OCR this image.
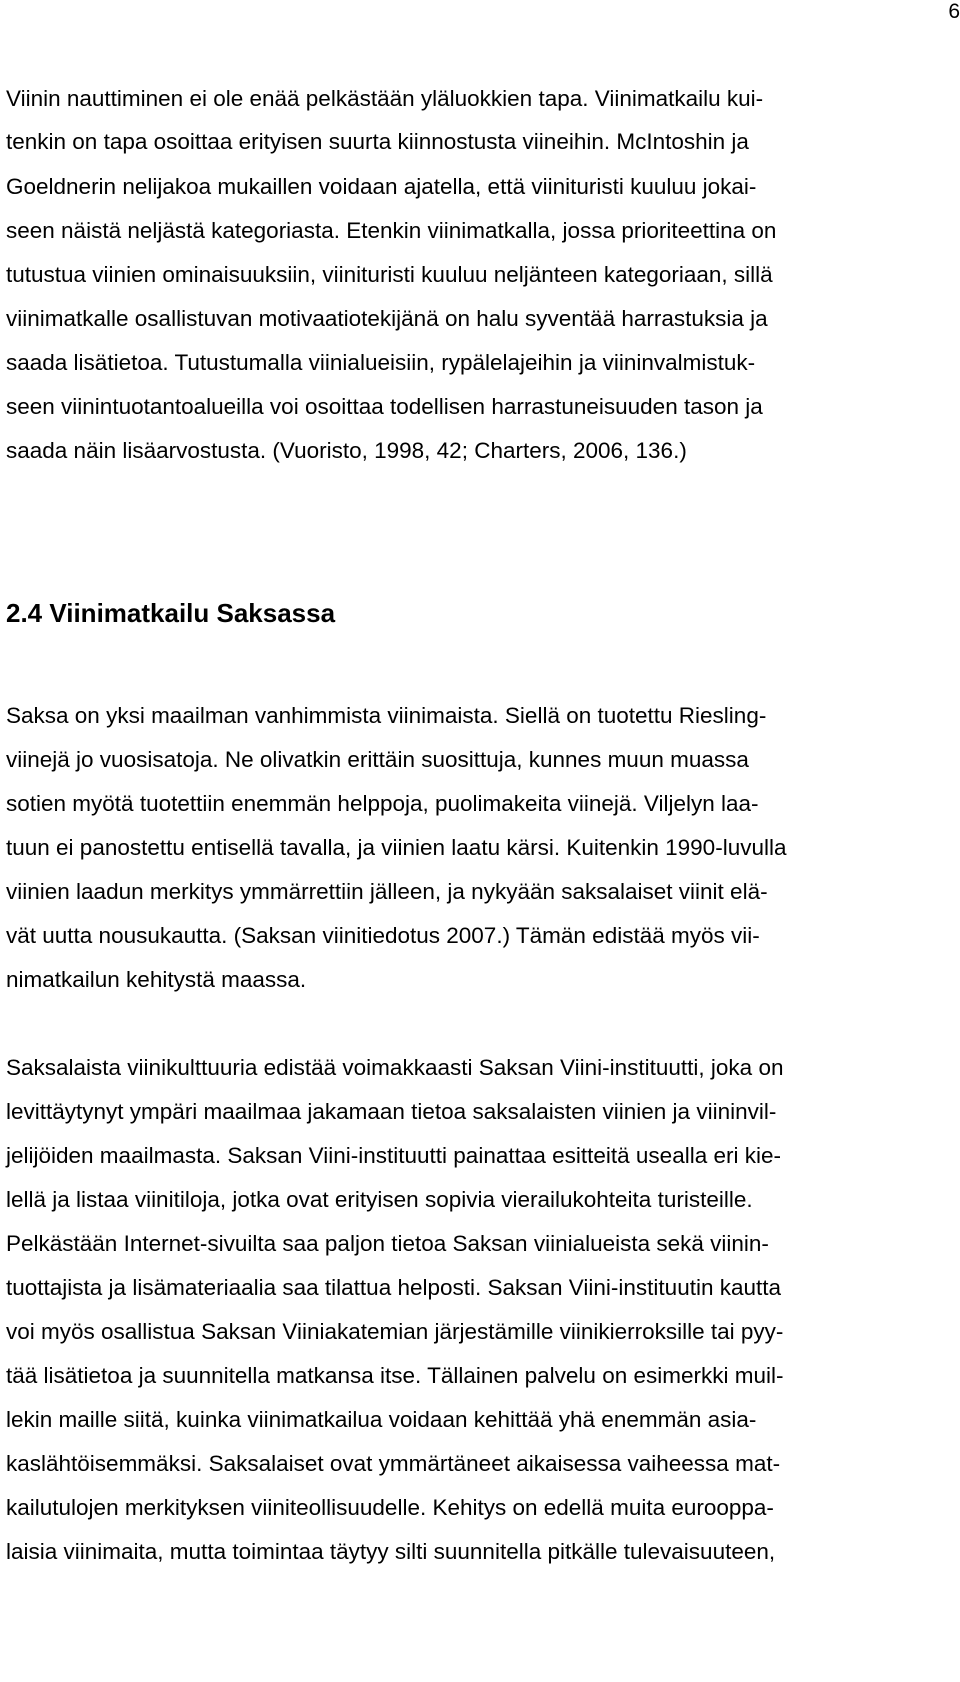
6
Viinin nauttiminen ei ole enää pelkästään yläluokkien tapa. Viinimatkailu kui-
tenkin on tapa osoittaa erityisen suurta kiinnostusta viineihin. McIntoshin ja
Goeldnerin nelijakoa mukaillen voidaan ajatella, että viinituristi kuuluu jokai-
seen näistä neljästä kategoriasta. Etenkin viinimatkalla, jossa prioriteettina on
tutustua viinien ominaisuuksiin, viinituristi kuuluu neljänteen kategoriaan, sillä
viinimatkalle osallistuvan motivaatiotekijänä on halu syventää harrastuksia ja
saada lisätietoa. Tutustumalla viinialueisiin, rypälelajeihin ja viininvalmistuk-
seen viinintuotantoalueilla voi osoittaa todellisen harrastuneisuuden tason ja
saada näin lisäarvostusta. (Vuoristo, 1998, 42; Charters, 2006, 136.)
2.4 Viinimatkailu Saksassa
Saksa on yksi maailman vanhimmista viinimaista. Siellä on tuotettu Riesling-
viinejä jo vuosisatoja. Ne olivatkin erittäin suosittuja, kunnes muun muassa
sotien myötä tuotettiin enemmän helppoja, puolimakeita viinejä. Viljelyn laa-
tuun ei panostettu entisellä tavalla, ja viinien laatu kärsi. Kuitenkin 1990-luvulla
viinien laadun merkitys ymmärrettiin jälleen, ja nykyään saksalaiset viinit elä-
vät uutta nousukautta. (Saksan viinitiedotus 2007.) Tämän edistää myös vii-
nimatkailun kehitystä maassa.
Saksalaista viinikulttuuria edistää voimakkaasti Saksan Viini-instituutti, joka on
levittäytynyt ympäri maailmaa jakamaan tietoa saksalaisten viinien ja viininvil-
jelijöiden maailmasta. Saksan Viini-instituutti painattaa esitteitä usealla eri kie-
lellä ja listaa viinitiloja, jotka ovat erityisen sopivia vierailukohteita turisteille.
Pelkästään Internet-sivuilta saa paljon tietoa Saksan viinialueista sekä viinin-
tuottajista ja lisämateriaalia saa tilattua helposti. Saksan Viini-instituutin kautta
voi myös osallistua Saksan Viiniakatemian järjestämille viinikierroksille tai pyy-
tää lisätietoa ja suunnitella matkansa itse. Tällainen palvelu on esimerkki muil-
lekin maille siitä, kuinka viinimatkailua voidaan kehittää yhä enemmän asia-
kaslähtöisemmäksi. Saksalaiset ovat ymmärtäneet aikaisessa vaiheessa mat-
kailutulojen merkityksen viiniteollisuudelle. Kehitys on edellä muita eurooppa-
laisia viinimaita, mutta toimintaa täytyy silti suunnitella pitkälle tulevaisuuteen,
